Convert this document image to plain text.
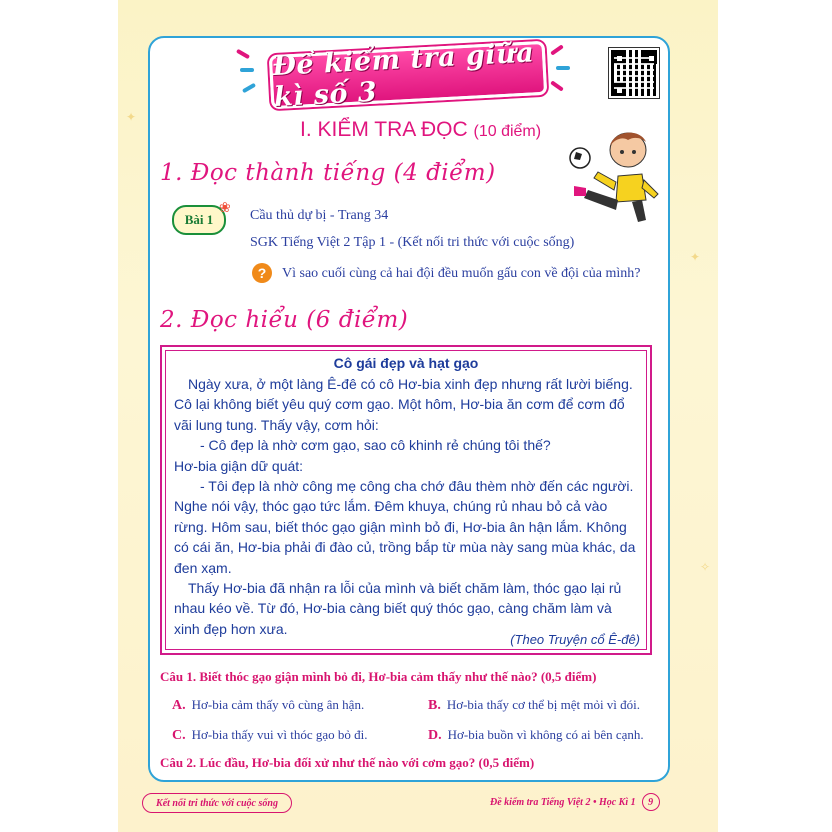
✦
✦
✧
Đề kiểm tra giữa kì số 3
I. KIỂM TRA ĐỌC (10 điểm)
1. Đọc thành tiếng (4 điểm)
Bài 1
❀ Cầu thủ dự bị - Trang 34
SGK Tiếng Việt 2 Tập 1 - (Kết nối tri thức với cuộc sống)
?	Vì sao cuối cùng cả hai đội đều muốn gấu con về đội của mình?
2. Đọc hiểu (6 điểm)
Cô gái đẹp và hạt gạo

Ngày xưa, ở một làng Ê-đê có cô Hơ-bia xinh đẹp nhưng rất lười biếng. Cô lại không biết yêu quý cơm gạo. Một hôm, Hơ-bia ăn cơm để cơm đổ vãi lung tung. Thấy vậy, cơm hỏi:

- Cô đẹp là nhờ cơm gạo, sao cô khinh rẻ chúng tôi thế?

Hơ-bia giận dữ quát:

- Tôi đẹp là nhờ công mẹ công cha chớ đâu thèm nhờ đến các người.

Nghe nói vậy, thóc gạo tức lắm. Đêm khuya, chúng rủ nhau bỏ cả vào rừng. Hôm sau, biết thóc gạo giận mình bỏ đi, Hơ-bia ân hận lắm. Không có cái ăn, Hơ-bia phải đi đào củ, trồng bắp từ mùa này sang mùa khác, da đen xạm.

Thấy Hơ-bia đã nhận ra lỗi của mình và biết chăm làm, thóc gạo lại rủ nhau kéo về. Từ đó, Hơ-bia càng biết quý thóc gạo, càng chăm làm và xinh đẹp hơn xưa.

(Theo Truyện cổ Ê-đê)
Câu 1. Biết thóc gạo giận mình bỏ đi, Hơ-bia cảm thấy như thế nào? (0,5 điểm)
A. Hơ-bia cảm thấy vô cùng ân hận.	B. Hơ-bia thấy cơ thể bị mệt mỏi vì đói.
C. Hơ-bia thấy vui vì thóc gạo bỏ đi.	D. Hơ-bia buồn vì không có ai bên cạnh.
Câu 2. Lúc đầu, Hơ-bia đối xử như thế nào với cơm gạo? (0,5 điểm)
Kết nối tri thức với cuộc sống	Đề kiểm tra Tiếng Việt 2 • Học Kì 1	9
